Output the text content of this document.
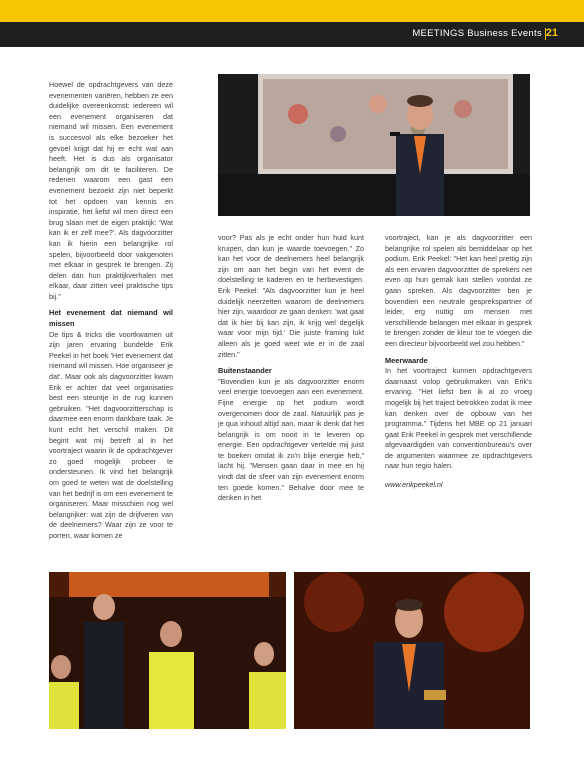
MEETINGS Business Events 21

Hoewel de opdrachtgevers van deze evenementen variëren, hebben ze een duidelijke overeenkomst: iedereen wil een evenement organiseren dat niemand wil missen. Een evenement is succesvol als elke bezoeker het gevoel krijgt dat hij er echt wat aan heeft. Het is dus als organisator belangrijk om dit te faciliteren. De redenen waarom een gast een evenement bezoekt zijn niet beperkt tot het opdoen van kennis en inspiratie, het liefst wil men direct een brug slaan met de eigen praktijk: 'Wat kan ik er zelf mee?'. Als dagvoorzitter kan ik hierin een belangrijke rol spelen, bijvoorbeeld door vakgenoten met elkaar in gesprek te brengen. Zij delen dan hun praktijkverhalen met elkaar, daar zitten veel praktische tips bij."

Het evenement dat niemand wil missen

De tips & tricks die voortkwamen uit zijn jaren ervaring bundelde Erik Peekel in het boek 'Het evenement dat niemand wil missen. Hoe organiseer je dat'. Maar ook als dagvoorzitter kwam Erik er achter dat veel organisaties best een steuntje in de rug kunnen gebruiken. "Het dagvoorzitterschap is daarmee een enorm dankbare taak. Je kunt echt het verschil maken. Dit begint wat mij betreft al in het voortraject waarin ik de opdrachtgever zo goed mogelijk probeer te ondersteunen. Ik vind het belangrijk om goed te weten wat de doelstelling van het bedrijf is om een evenement te organiseren. Maar misschien nog wel belangrijker: wat zijn de drijfveren van de deelnemers? Waar zijn ze voor te porren, waar komen ze

voor? Pas als je echt onder hun huid kunt kruipen, dan kun je waarde toevoegen." Zo kan het voor de deelnemers heel belangrijk zijn om aan het begin van het event de doelstelling te kaderen en te herbevestigen. Erik Peekel: "Als dagvoorzitter kun je heel duidelijk neerzetten waarom de deelnemers hier zijn, waardoor ze gaan denken: 'wat gaat dat ik hier bij kan zijn, ik krijg wel degelijk waar voor mijn tijd.' Die juiste framing lukt alleen als je goed weet wie er in de zaal zitten."

Buitenstaander

"Bovendien kun je als dagvoorzitter enorm veel energie toevoegen aan een evenement. Fijne energie op het podium wordt overgenomen door de zaal. Natuurlijk pas je je qua inhoud altijd aan, maar ik denk dat het belangrijk is om nooit in te leveren op energie. Een opdrachtgever vertelde mij juist te boeken omdat ik zo'n blije energie heb," lacht hij. "Mensen gaan daar in mee en hij vindt dat de sfeer van zijn evenement enorm ten goede komen." Behalve door mee te denken in het

voortraject, kan je als dagvoorzitter een belangrijke rol spelen als bemiddelaar op het podium. Erik Peekel: "Het kan heel prettig zijn als een ervaren dagvoorzitter de sprekers net even op hun gemak kan stellen voordat ze gaan spreken. Als dagvoorzitter ben je bovendien een neutrale gesprekspartner of leider, erg nuttig om mensen met verschillende belangen met elkaar in gesprek te brengen zonder de kleur toe te voegen die een directeur bijvoorbeeld wel zou hebben."

Meerwaarde

In het voortraject kunnen opdrachtgevers daarnaast volop gebruikmaken van Erik's ervaring. "Het liefst ben ik al zo vroeg mogelijk bij het traject betrokken zodat ik mee kan denken over de opbouw van het programma." Tijdens het MBE op 21 januari gaat Erik Peekel in gesprek met verschillende afgevaardigden van conventionbureau's over de argumenten waarmee ze opdrachtgevers naar hun regio halen.

www.erikpeekel.nl
